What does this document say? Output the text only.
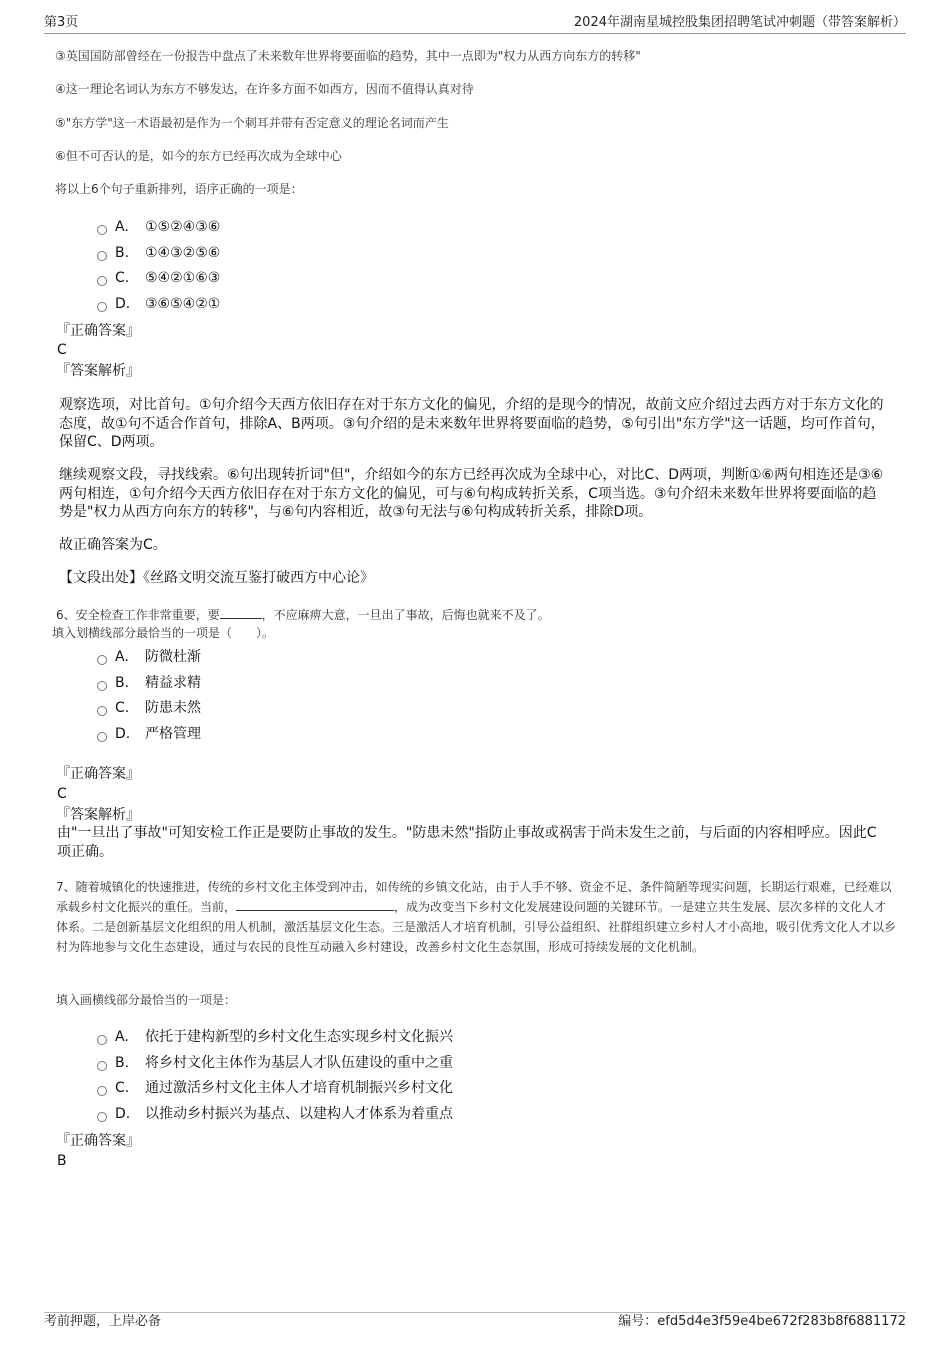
第3页	2024年湖南星城控股集团招聘笔试冲刺题（带答案解析）
③英国国防部曾经在一份报告中盘点了未来数年世界将要面临的趋势，其中一点即为"权力从西方向东方的转移"
④这一理论名词认为东方不够发达，在许多方面不如西方，因而不值得认真对待
⑤"东方学"这一术语最初是作为一个刺耳并带有否定意义的理论名词而产生
⑥但不可否认的是，如今的东方已经再次成为全球中心
将以上6个句子重新排列，语序正确的一项是：
A. ①⑤②④③⑥
B. ①④③②⑤⑥
C. ⑤④②①⑥③
D. ③⑥⑤④②①
『正确答案』
C
『答案解析』
观察选项，对比首句。①句介绍今天西方依旧存在对于东方文化的偏见，介绍的是现今的情况，故前文应介绍过去西方对于东方文化的态度，故①句不适合作首句，排除A、B两项。③句介绍的是未来数年世界将要面临的趋势，⑤句引出"东方学"这一话题，均可作首句，保留C、D两项。
继续观察文段，寻找线索。⑥句出现转折词"但"，介绍如今的东方已经再次成为全球中心，对比C、D两项，判断①⑥两句相连还是③⑥两句相连，①句介绍今天西方依旧存在对于东方文化的偏见，可与⑥句构成转折关系，C项当选。③句介绍未来数年世界将要面临的趋势是"权力从西方向东方的转移"，与⑥句内容相近，故③句无法与⑥句构成转折关系，排除D项。
故正确答案为C。
【文段出处】《丝路文明交流互鉴打破西方中心论》
6、安全检查工作非常重要，要	，不应麻痹大意，一旦出了事故，后悔也就来不及了。
填入划横线部分最恰当的一项是（　　）。
A. 防微杜渐
B. 精益求精
C. 防患未然
D. 严格管理
『正确答案』
C
『答案解析』
由"一旦出了事故"可知安检工作正是要防止事故的发生。"防患未然"指防止事故或祸害于尚未发生之前，与后面的内容相呼应。因此C项正确。
7、随着城镇化的快速推进，传统的乡村文化主体受到冲击，如传统的乡镇文化站，由于人手不够、资金不足、条件简陋等现实问题，长期运行艰难，已经难以承载乡村文化振兴的重任。当前，	，成为改变当下乡村文化发展建设问题的关键环节。一是建立共生发展、层次多样的文化人才体系。二是创新基层文化组织的用人机制，激活基层文化生态。三是激活人才培育机制，引导公益组织、社群组织建立乡村人才小高地，吸引优秀文化人才以乡村为阵地参与文化生态建设，通过与农民的良性互动融入乡村建设，改善乡村文化生态氛围，形成可持续发展的文化机制。
填入画横线部分最恰当的一项是：
A. 依托于建构新型的乡村文化生态实现乡村文化振兴
B. 将乡村文化主体作为基层人才队伍建设的重中之重
C. 通过激活乡村文化主体人才培育机制振兴乡村文化
D. 以推动乡村振兴为基点、以建构人才体系为着重点
『正确答案』
B
考前押题，上岸必备	编号：efd5d4e3f59e4be672f283b8f6881172
